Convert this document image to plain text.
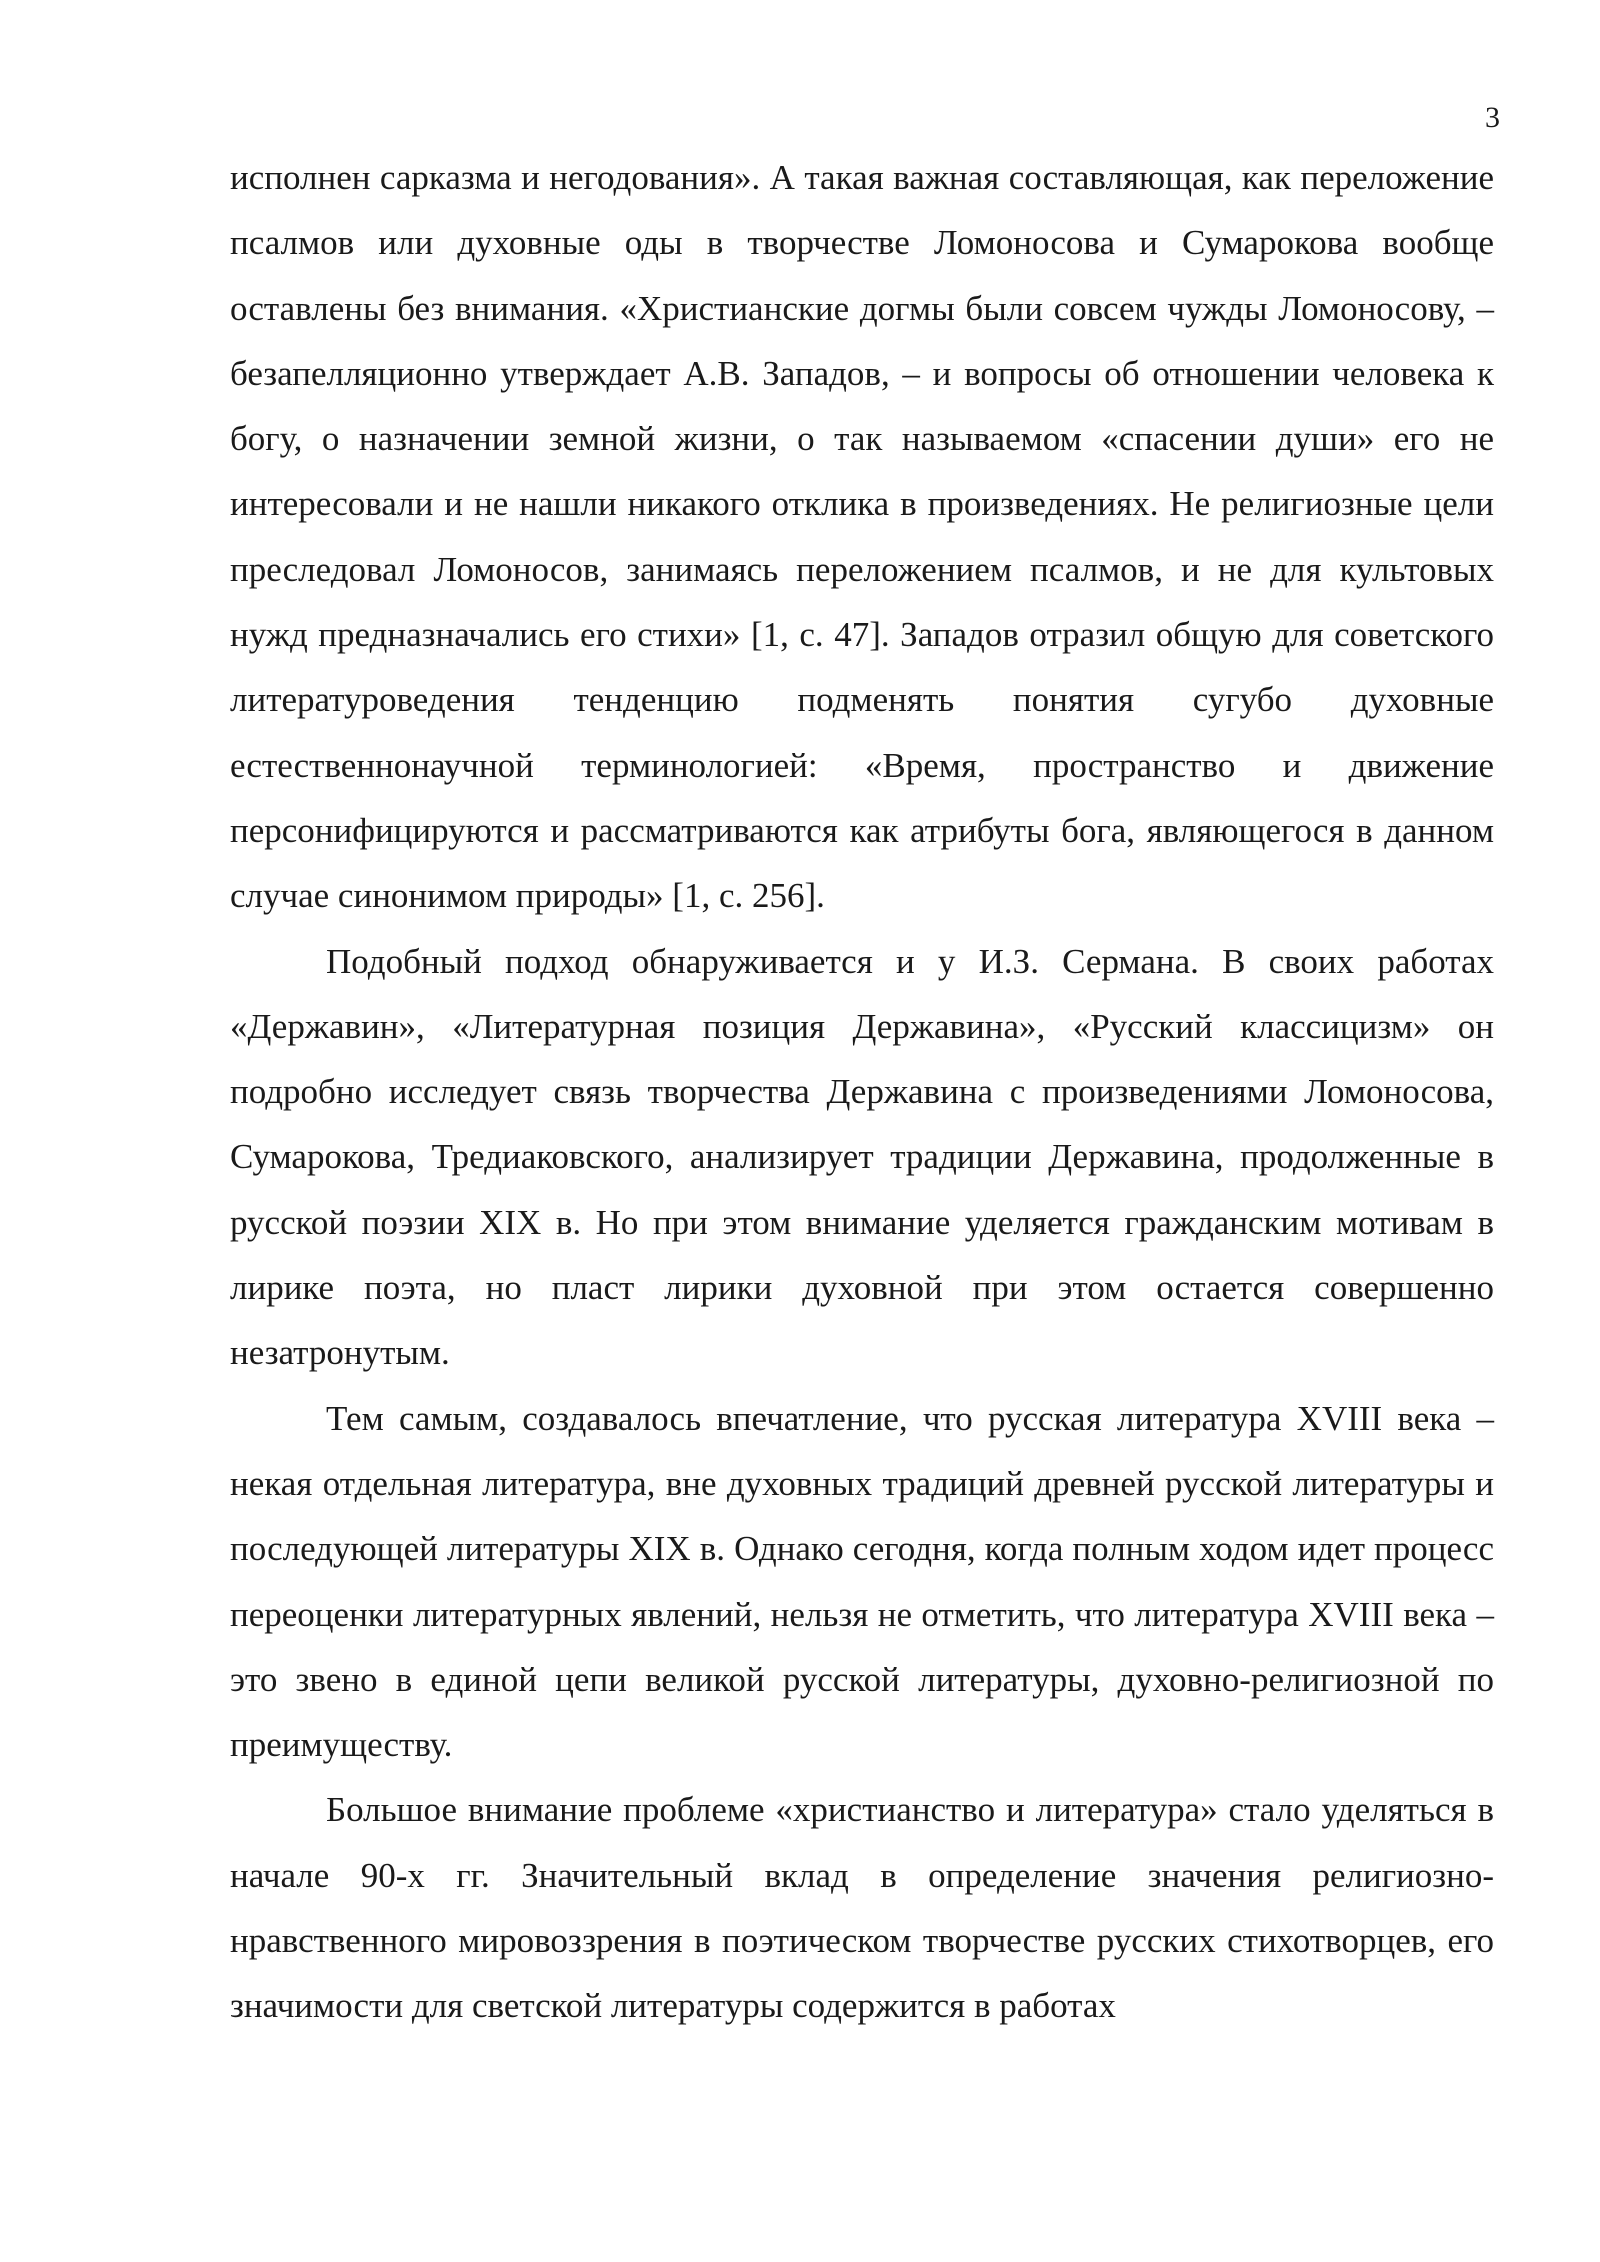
3

исполнен сарказма и негодования». А такая важная составляющая, как переложение псалмов или духовные оды в творчестве Ломоносова и Сумарокова вообще оставлены без внимания. «Христианские догмы были совсем чужды Ломоносову, – безапелляционно утверждает А.В. Западов, – и вопросы об отношении человека к богу, о назначении земной жизни, о так называемом «спасении души» его не интересовали и не нашли никакого отклика в произведениях. Не религиозные цели преследовал Ломоносов, занимаясь переложением псалмов, и не для культовых нужд предназначались его стихи» [1, с. 47]. Западов отразил общую для советского литературоведения тенденцию подменять понятия сугубо духовные естественнонаучной терминологией: «Время, пространство и движение персонифицируются и рассматриваются как атрибуты бога, являющегося в данном случае синонимом природы» [1, с. 256].

Подобный подход обнаруживается и у И.З. Сермана. В своих работах «Державин», «Литературная позиция Державина», «Русский классицизм» он подробно исследует связь творчества Державина с произведениями Ломоносова, Сумарокова, Тредиаковского, анализирует традиции Державина, продолженные в русской поэзии XIX в. Но при этом внимание уделяется гражданским мотивам в лирике поэта, но пласт лирики духовной при этом остается совершенно незатронутым.

Тем самым, создавалось впечатление, что русская литература XVIII века – некая отдельная литература, вне духовных традиций древней русской литературы и последующей литературы XIX в. Однако сегодня, когда полным ходом идет процесс переоценки литературных явлений, нельзя не отметить, что литература XVIII века – это звено в единой цепи великой русской литературы, духовно-религиозной по преимуществу.

Большое внимание проблеме «христианство и литература» стало уделяться в начале 90-х гг. Значительный вклад в определение значения религиозно-нравственного мировоззрения в поэтическом творчестве русских стихотворцев, его значимости для светской литературы содержится в работах
